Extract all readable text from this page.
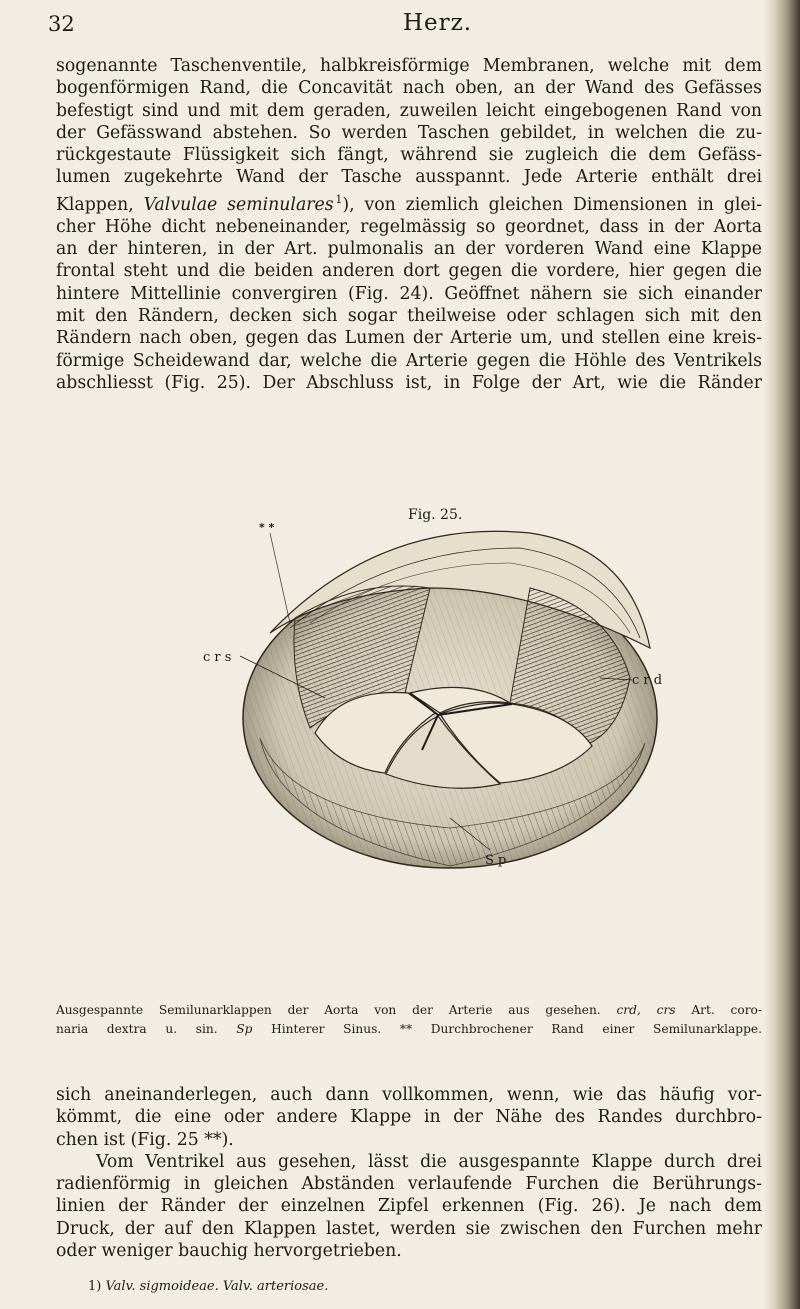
32	Herz.
sogenannte Taschenventile, halbkreisförmige Membranen, welche mit dem
bogenförmigen Rand, die Concavität nach oben, an der Wand des Gefässes
befestigt sind und mit dem geraden, zuweilen leicht eingebogenen Rand von
der Gefässwand abstehen. So werden Taschen gebildet, in welchen die zu-
rückgestaute Flüssigkeit sich fängt, während sie zugleich die dem Gefäss-
lumen zugekehrte Wand der Tasche ausspannt. Jede Arterie enthält drei
Klappen, Valvulae seminulares  $^1$), von ziemlich gleichen Dimensionen in glei-
cher Höhe dicht nebeneinander, regelmässig so geordnet, dass in der Aorta
an der hinteren, in der Art. pulmonalis an der vorderen Wand eine Klappe
frontal steht und die beiden anderen dort gegen die vordere, hier gegen die
hintere Mittellinie convergiren (Fig. 24). Geöffnet nähern sie sich einander
mit den Rändern, decken sich sogar theilweise oder schlagen sich mit den
Rändern nach oben, gegen das Lumen der Arterie um, und stellen eine kreis-
förmige Scheidewand dar, welche die Arterie gegen die Höhle des Ventrikels
abschliesst (Fig. 25). Der Abschluss ist, in Folge der Art, wie die Ränder
Fig. 25.
* *
c r s
c r d
S p
Ausgespannte Semilunarklappen der Aorta von der Arterie aus gesehen. crd, crs Art. coro-
naria dextra u. sin. Sp Hinterer Sinus. ** Durchbrochener Rand einer Semilunarklappe.
sich aneinanderlegen, auch dann vollkommen, wenn, wie das häufig vor-
kömmt, die eine oder andere Klappe in der Nähe des Randes durchbro-
chen ist (Fig. 25 **).
Vom Ventrikel aus gesehen, lässt die ausgespannte Klappe durch drei
radienförmig in gleichen Abständen verlaufende Furchen die Berührungs-
linien der Ränder der einzelnen Zipfel erkennen (Fig. 26). Je nach dem
Druck, der auf den Klappen lastet, werden sie zwischen den Furchen mehr
oder weniger bauchig hervorgetrieben.
1) Valv. sigmoideae. Valv. arteriosae.
